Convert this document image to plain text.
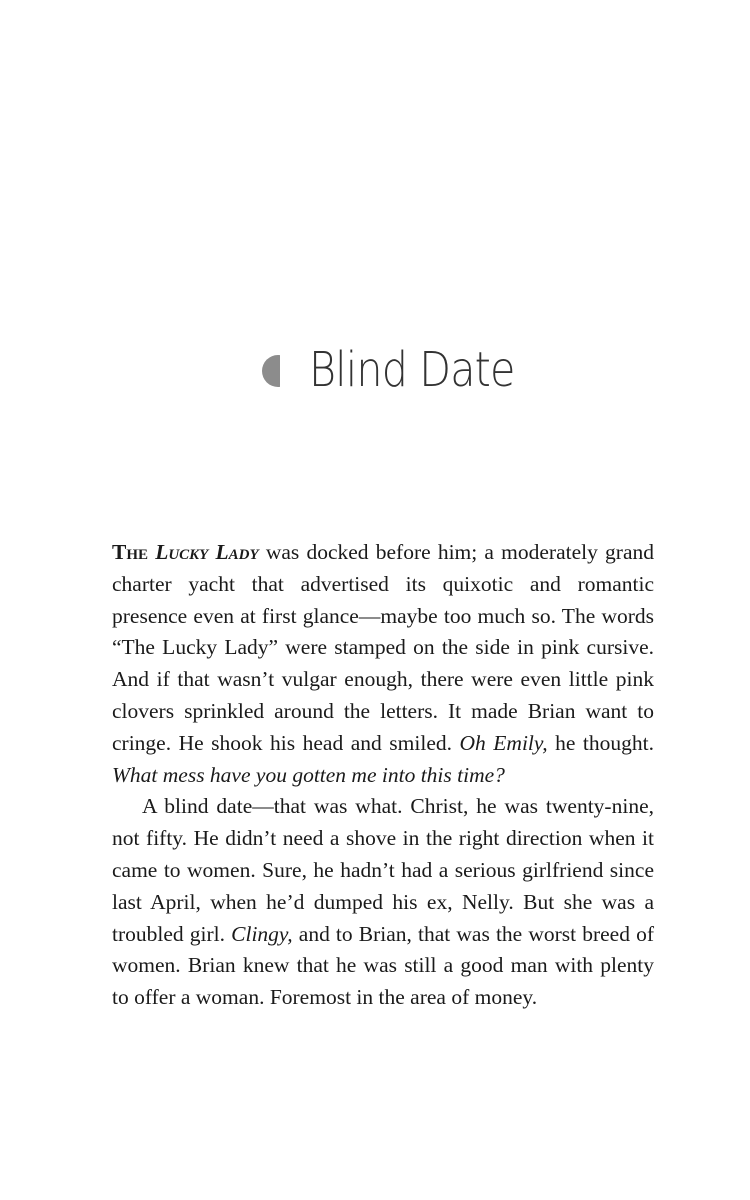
Blind Date

The Lucky Lady was docked before him; a moderately grand charter yacht that advertised its quixotic and romantic presence even at first glance—maybe too much so. The words “The Lucky Lady” were stamped on the side in pink cursive. And if that wasn’t vulgar enough, there were even little pink clovers sprinkled around the letters. It made Brian want to cringe. He shook his head and smiled. Oh Emily, he thought. What mess have you gotten me into this time?

A blind date—that was what. Christ, he was twenty-nine, not fifty. He didn’t need a shove in the right direction when it came to women. Sure, he hadn’t had a serious girlfriend since last April, when he’d dumped his ex, Nelly. But she was a troubled girl. Clingy, and to Brian, that was the worst breed of women. Brian knew that he was still a good man with plenty to offer a woman. Foremost in the area of money.
